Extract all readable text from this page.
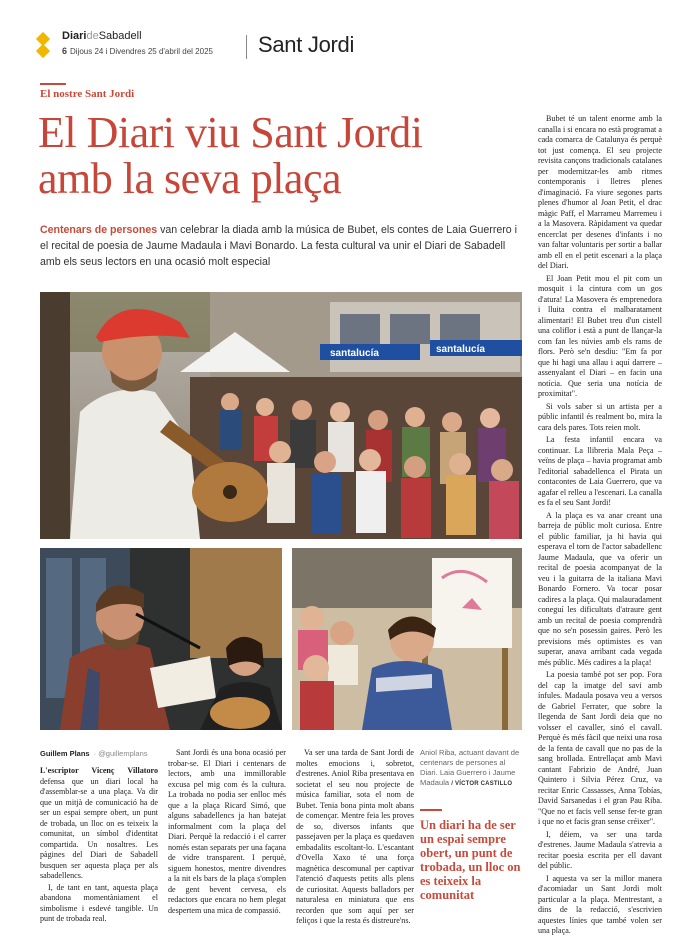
DiarideSabadell
6 Dijous 24 i Divendres 25 d'abril del 2025 Sant Jordi
El nostre Sant Jordi
El Diari viu Sant Jordi
amb la seva plaça
Centenars de persones van celebrar la diada amb la música de Bubet, els contes de Laia Guerrero i el recital de poesia de Jaume Madaula i Mavi Bonardo. La festa cultural va unir el Diari de Sabadell amb els seus lectors en una ocasió molt especial
santalucía	santalucía
Guillem Plans · @guillemplans	Aniol Riba, actuant davant de centenars de persones al Diari. Laia Guerrero i Jaume Madaula / VÍCTOR CASTILLO

L'escriptor Vicenç Villatoro defensa que un diari local ha d'assemblar-se a una plaça. Va dir que un mitjà de comunicació ha de ser un espai sempre obert, un punt de trobada, un lloc on es teixeix la comunitat, un símbol d'identitat compartida. Un nosaltres. Les pàgines del Diari de Sabadell busquen ser aquesta plaça per als sabadellencs.

I, de tant en tant, aquesta plaça abandona momentàniament el simbolisme i esdevé tangible. Un punt de trobada real.

Sant Jordi és una bona ocasió per trobar-se. El Diari i centenars de lectors, amb una immillorable excusa pel mig com és la cultura. La trobada no podia ser enlloc més que a la plaça Ricard Simó, que alguns sabadellencs ja han batejat informalment com la plaça del Diari. Perquè la redacció i el carrer només estan separats per una façana de vidre transparent. I perquè, siguem honestos, mentre divendres a la nit els bars de la plaça s'omplen de gent bevent cervesa, els redactors que encara no hem plegat despertem una mica de compassió.

Va ser una tarda de Sant Jordi de moltes emocions i, sobretot, d'estrenes. Aniol Riba presentava en societat el seu nou projecte de música familiar, sota el nom de Bubet. Tenia bona pinta molt abans de començar. Mentre feia les proves de so, diversos infants que passejaven per la plaça es quedaven embadalits escoltant-lo. L'escantant d'Ovella Xaxo té una força magnètica descomunal per captivar l'atenció d'aquests petits alls plens de curiositat. Aquests balladors per naturalesa en miniatura que ens recorden que som aquí per ser feliços i que la resta és distreure'ns.

Un diari ha de ser un espai sempre obert, un punt de trobada, un lloc on es teixeix la comunitat

Bubet té un talent enorme amb la canalla i si encara no està programat a cada comarca de Catalunya és perquè tot just comença. El seu projecte revisita cançons tradicionals catalanes per modernitzar-les amb ritmes contemporanis i lletres plenes d'imaginació. Fa viure segones parts plenes d'humor al Joan Petit, el drac màgic Paff, el Marrameu Marremeu i a la Masovera. Ràpidament va quedar encerclat per desenes d'infants i no van faltar voluntaris per sortir a ballar amb ell en el petit escenari a la plaça del Diari.

El Joan Petit mou el pit com un mosquit i la cintura com un gos d'atura! La Masovera és emprenedora i lluita contra el malbaratament alimentari! El Bubet treu d'un cistell una coliflor i està a punt de llançar-la com fan les núvies amb els rams de flors. Però se'n desdiu: "Em fa por que hi hagi una allau i aquí darrere – assenyalant el Diari – en facin una notícia. Que seria una notícia de proximitat".

Si vols saber si un artista per a públic infantil és realment bo, mira la cara dels pares. Tots reien molt.

La festa infantil encara va continuar. La llibreria Mala Peça – veïns de plaça – havia programat amb l'editorial sabadellenca el Pirata un contacontes de Laia Guerrero, que va agafar el relleu a l'escenari. La canalla es fa el seu Sant Jordi!

A la plaça es va anar creant una barreja de públic molt curiosa. Entre el públic familiar, ja hi havia qui esperava el torn de l'actor sabadellenc Jaume Madaula, que va oferir un recital de poesia acompanyat de la veu i la guitarra de la italiana Mavi Bonardo Fornero. Va tocar posar cadires a la plaça. Qui malauradament coneguí les dificultats d'atraure gent amb un recital de poesia comprendrà que no se'n posessin gaires. Però les previsions més optimistes es van superar, anava arribant cada vegada més públic. Més cadires a la plaça!

La poesia també pot ser pop. Fora del cap la imatge del savi amb ínfules. Madaula posava veu a versos de Gabriel Ferrater, que sobre la llegenda de Sant Jordi deia que no volsser el cavaller, sinó el cavall. Perquè és més fàcil que neixi una rosa de la fenta de cavall que no pas de la sang brollada. Entrellaçat amb Mavi cantant Fabrizio de André, Juan Quintero i Silvia Pérez Cruz, va recitar Enric Cassasses, Anna Tobías, David Sarsanedas i el gran Pau Riba. "Que no et facis vell sense fer-te gran i que no et facis gran sense créixer".

I, déiem, va ser una tarda d'estrenes. Jaume Madaula s'atrevia a recitar poesia escrita per ell davant del públic.

I aquesta va ser la millor manera d'acomiadar un Sant Jordi molt particular a la plaça. Mentrestant, a dins de la redacció, s'escrivien aquestes línies que també volen ser una plaça.
